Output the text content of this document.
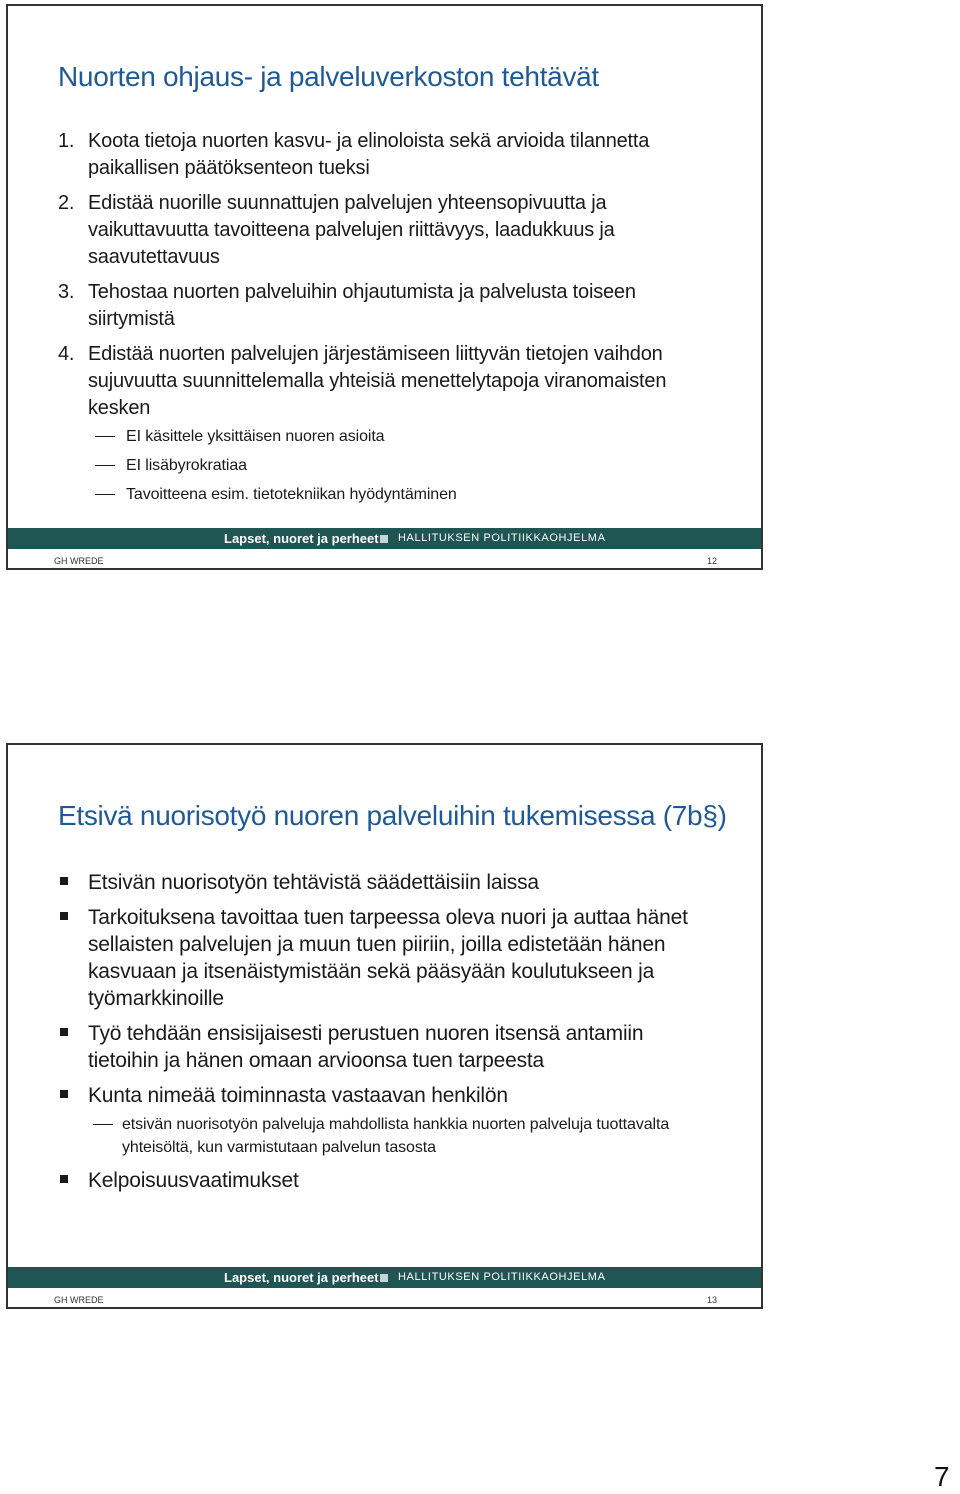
Nuorten ohjaus- ja palveluverkoston tehtävät
1. Koota tietoja nuorten kasvu- ja elinoloista sekä arvioida tilannetta paikallisen päätöksenteon tueksi
2. Edistää nuorille suunnattujen palvelujen yhteensopivuutta ja vaikuttavuutta tavoitteena palvelujen riittävyys, laadukkuus ja saavutettavuus
3. Tehostaa nuorten palveluihin ohjautumista ja palvelusta toiseen siirtymistä
4. Edistää nuorten palvelujen järjestämiseen liittyvän tietojen vaihdon sujuvuutta suunnittelemalla yhteisiä menettelytapoja viranomaisten kesken
EI käsittele yksittäisen nuoren asioita
EI lisäbyrokratiaa
Tavoitteena esim. tietotekniikan hyödyntäminen
Lapset, nuoret ja perheet HALLITUKSEN POLITIIKKAOHJELMA
GH WREDE	12
Etsivä nuorisotyö nuoren palveluihin tukemisessa (7b§)
Etsivän nuorisotyön tehtävistä säädettäisiin laissa
Tarkoituksena tavoittaa tuen tarpeessa oleva nuori ja auttaa hänet sellaisten palvelujen ja muun tuen piiriin, joilla edistetään hänen kasvuaan ja itsenäistymistään sekä pääsyään koulutukseen ja työmarkkinoille
Työ tehdään ensisijaisesti perustuen nuoren itsensä antamiin tietoihin ja hänen omaan arvioonsa tuen tarpeesta
Kunta nimeää toiminnasta vastaavan henkilön
etsivän nuorisotyön palveluja mahdollista hankkia nuorten palveluja tuottavalta yhteisöltä, kun varmistutaan palvelun tasosta
Kelpoisuusvaatimukset
Lapset, nuoret ja perheet HALLITUKSEN POLITIIKKAOHJELMA
GH WREDE	13
7
